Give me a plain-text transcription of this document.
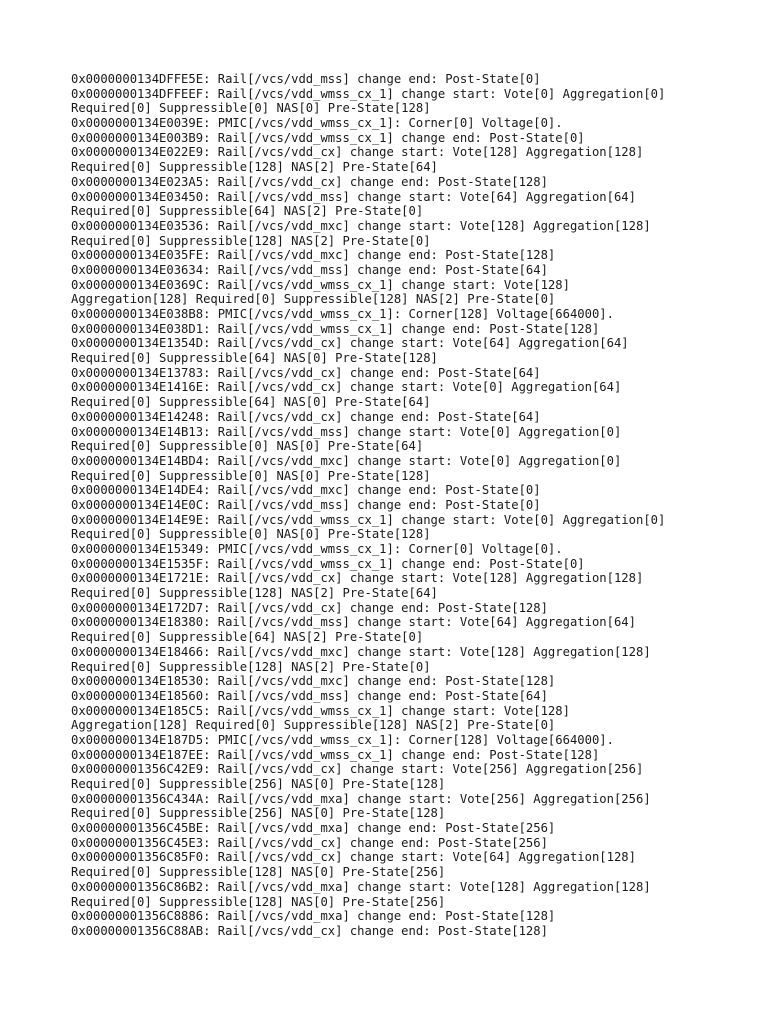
0x0000000134DFFE5E: Rail[/vcs/vdd_mss] change end: Post-State[0]
0x0000000134DFFEEF: Rail[/vcs/vdd_wmss_cx_1] change start: Vote[0] Aggregation[0]
Required[0] Suppressible[0] NAS[0] Pre-State[128]
0x0000000134E0039E: PMIC[/vcs/vdd_wmss_cx_1]: Corner[0] Voltage[0].
0x0000000134E003B9: Rail[/vcs/vdd_wmss_cx_1] change end: Post-State[0]
0x0000000134E022E9: Rail[/vcs/vdd_cx] change start: Vote[128] Aggregation[128]
Required[0] Suppressible[128] NAS[2] Pre-State[64]
0x0000000134E023A5: Rail[/vcs/vdd_cx] change end: Post-State[128]
0x0000000134E03450: Rail[/vcs/vdd_mss] change start: Vote[64] Aggregation[64]
Required[0] Suppressible[64] NAS[2] Pre-State[0]
0x0000000134E03536: Rail[/vcs/vdd_mxc] change start: Vote[128] Aggregation[128]
Required[0] Suppressible[128] NAS[2] Pre-State[0]
0x0000000134E035FE: Rail[/vcs/vdd_mxc] change end: Post-State[128]
0x0000000134E03634: Rail[/vcs/vdd_mss] change end: Post-State[64]
0x0000000134E0369C: Rail[/vcs/vdd_wmss_cx_1] change start: Vote[128]
Aggregation[128] Required[0] Suppressible[128] NAS[2] Pre-State[0]
0x0000000134E038B8: PMIC[/vcs/vdd_wmss_cx_1]: Corner[128] Voltage[664000].
0x0000000134E038D1: Rail[/vcs/vdd_wmss_cx_1] change end: Post-State[128]
0x0000000134E1354D: Rail[/vcs/vdd_cx] change start: Vote[64] Aggregation[64]
Required[0] Suppressible[64] NAS[0] Pre-State[128]
0x0000000134E13783: Rail[/vcs/vdd_cx] change end: Post-State[64]
0x0000000134E1416E: Rail[/vcs/vdd_cx] change start: Vote[0] Aggregation[64]
Required[0] Suppressible[64] NAS[0] Pre-State[64]
0x0000000134E14248: Rail[/vcs/vdd_cx] change end: Post-State[64]
0x0000000134E14B13: Rail[/vcs/vdd_mss] change start: Vote[0] Aggregation[0]
Required[0] Suppressible[0] NAS[0] Pre-State[64]
0x0000000134E14BD4: Rail[/vcs/vdd_mxc] change start: Vote[0] Aggregation[0]
Required[0] Suppressible[0] NAS[0] Pre-State[128]
0x0000000134E14DE4: Rail[/vcs/vdd_mxc] change end: Post-State[0]
0x0000000134E14E0C: Rail[/vcs/vdd_mss] change end: Post-State[0]
0x0000000134E14E9E: Rail[/vcs/vdd_wmss_cx_1] change start: Vote[0] Aggregation[0]
Required[0] Suppressible[0] NAS[0] Pre-State[128]
0x0000000134E15349: PMIC[/vcs/vdd_wmss_cx_1]: Corner[0] Voltage[0].
0x0000000134E1535F: Rail[/vcs/vdd_wmss_cx_1] change end: Post-State[0]
0x0000000134E1721E: Rail[/vcs/vdd_cx] change start: Vote[128] Aggregation[128]
Required[0] Suppressible[128] NAS[2] Pre-State[64]
0x0000000134E172D7: Rail[/vcs/vdd_cx] change end: Post-State[128]
0x0000000134E18380: Rail[/vcs/vdd_mss] change start: Vote[64] Aggregation[64]
Required[0] Suppressible[64] NAS[2] Pre-State[0]
0x0000000134E18466: Rail[/vcs/vdd_mxc] change start: Vote[128] Aggregation[128]
Required[0] Suppressible[128] NAS[2] Pre-State[0]
0x0000000134E18530: Rail[/vcs/vdd_mxc] change end: Post-State[128]
0x0000000134E18560: Rail[/vcs/vdd_mss] change end: Post-State[64]
0x0000000134E185C5: Rail[/vcs/vdd_wmss_cx_1] change start: Vote[128]
Aggregation[128] Required[0] Suppressible[128] NAS[2] Pre-State[0]
0x0000000134E187D5: PMIC[/vcs/vdd_wmss_cx_1]: Corner[128] Voltage[664000].
0x0000000134E187EE: Rail[/vcs/vdd_wmss_cx_1] change end: Post-State[128]
0x00000001356C42E9: Rail[/vcs/vdd_cx] change start: Vote[256] Aggregation[256]
Required[0] Suppressible[256] NAS[0] Pre-State[128]
0x00000001356C434A: Rail[/vcs/vdd_mxa] change start: Vote[256] Aggregation[256]
Required[0] Suppressible[256] NAS[0] Pre-State[128]
0x00000001356C45BE: Rail[/vcs/vdd_mxa] change end: Post-State[256]
0x00000001356C45E3: Rail[/vcs/vdd_cx] change end: Post-State[256]
0x00000001356C85F0: Rail[/vcs/vdd_cx] change start: Vote[64] Aggregation[128]
Required[0] Suppressible[128] NAS[0] Pre-State[256]
0x00000001356C86B2: Rail[/vcs/vdd_mxa] change start: Vote[128] Aggregation[128]
Required[0] Suppressible[128] NAS[0] Pre-State[256]
0x00000001356C8886: Rail[/vcs/vdd_mxa] change end: Post-State[128]
0x00000001356C88AB: Rail[/vcs/vdd_cx] change end: Post-State[128]
